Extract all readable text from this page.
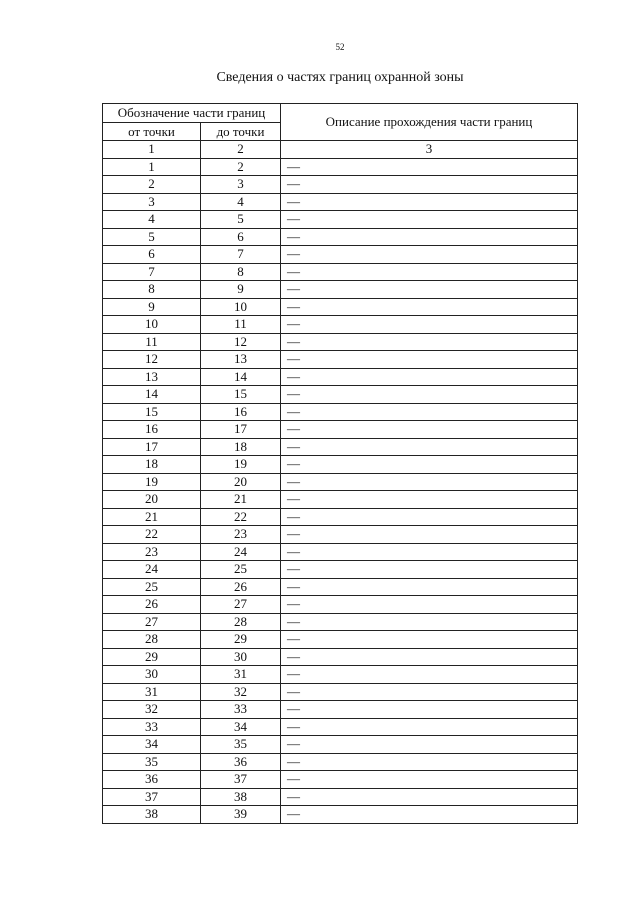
52
Сведения о частях границ охранной зоны
Обозначение части границ		Описание прохождения части границ
от точки	до точки	
1	2	3
1	2	—
2	3	—
3	4	—
4	5	—
5	6	—
6	7	—
7	8	—
8	9	—
9	10	—
10	11	—
11	12	—
12	13	—
13	14	—
14	15	—
15	16	—
16	17	—
17	18	—
18	19	—
19	20	—
20	21	—
21	22	—
22	23	—
23	24	—
24	25	—
25	26	—
26	27	—
27	28	—
28	29	—
29	30	—
30	31	—
31	32	—
32	33	—
33	34	—
34	35	—
35	36	—
36	37	—
37	38	—
38	39	—
